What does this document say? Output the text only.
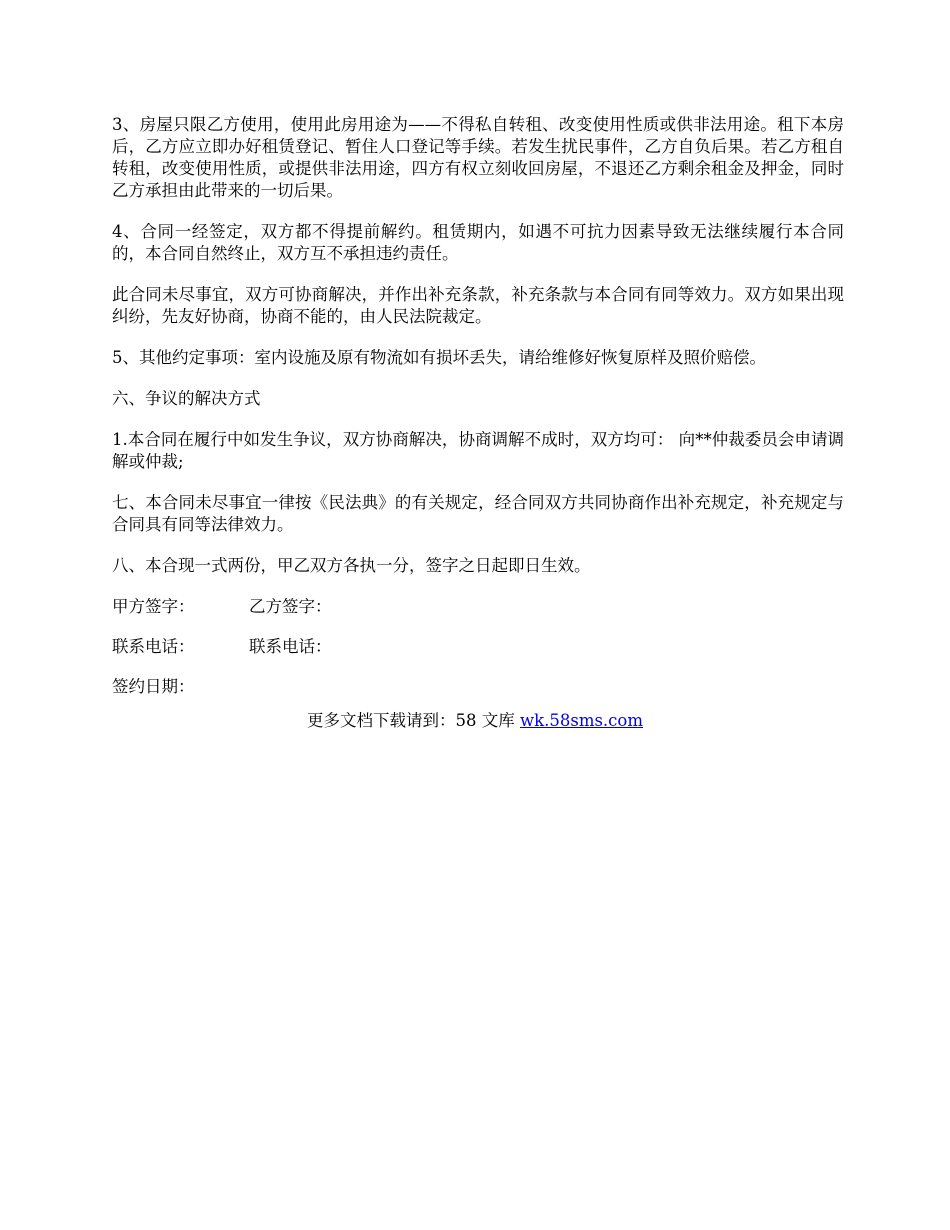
3、房屋只限乙方使用，使用此房用途为——不得私自转租、改变使用性质或供非法用途。租下本房后，乙方应立即办好租赁登记、暂住人口登记等手续。若发生扰民事件，乙方自负后果。若乙方租自转租，改变使用性质，或提供非法用途，四方有权立刻收回房屋，不退还乙方剩余租金及押金，同时乙方承担由此带来的一切后果。

4、合同一经签定，双方都不得提前解约。租赁期内，如遇不可抗力因素导致无法继续履行本合同的，本合同自然终止，双方互不承担违约责任。

此合同未尽事宜，双方可协商解决，并作出补充条款，补充条款与本合同有同等效力。双方如果出现纠纷，先友好协商，协商不能的，由人民法院裁定。

5、其他约定事项：室内设施及原有物流如有损坏丢失，请给维修好恢复原样及照价赔偿。

六、争议的解决方式

1.本合同在履行中如发生争议，双方协商解决，协商调解不成时，双方均可： 向**仲裁委员会申请调解或仲裁;

七、本合同未尽事宜一律按《民法典》的有关规定，经合同双方共同协商作出补充规定，补充规定与合同具有同等法律效力。

八、本合现一式两份，甲乙双方各执一分，签字之日起即日生效。

甲方签字：	乙方签字：
联系电话：	联系电话：
签约日期：
更多文档下载请到：58 文库 wk.58sms.com
